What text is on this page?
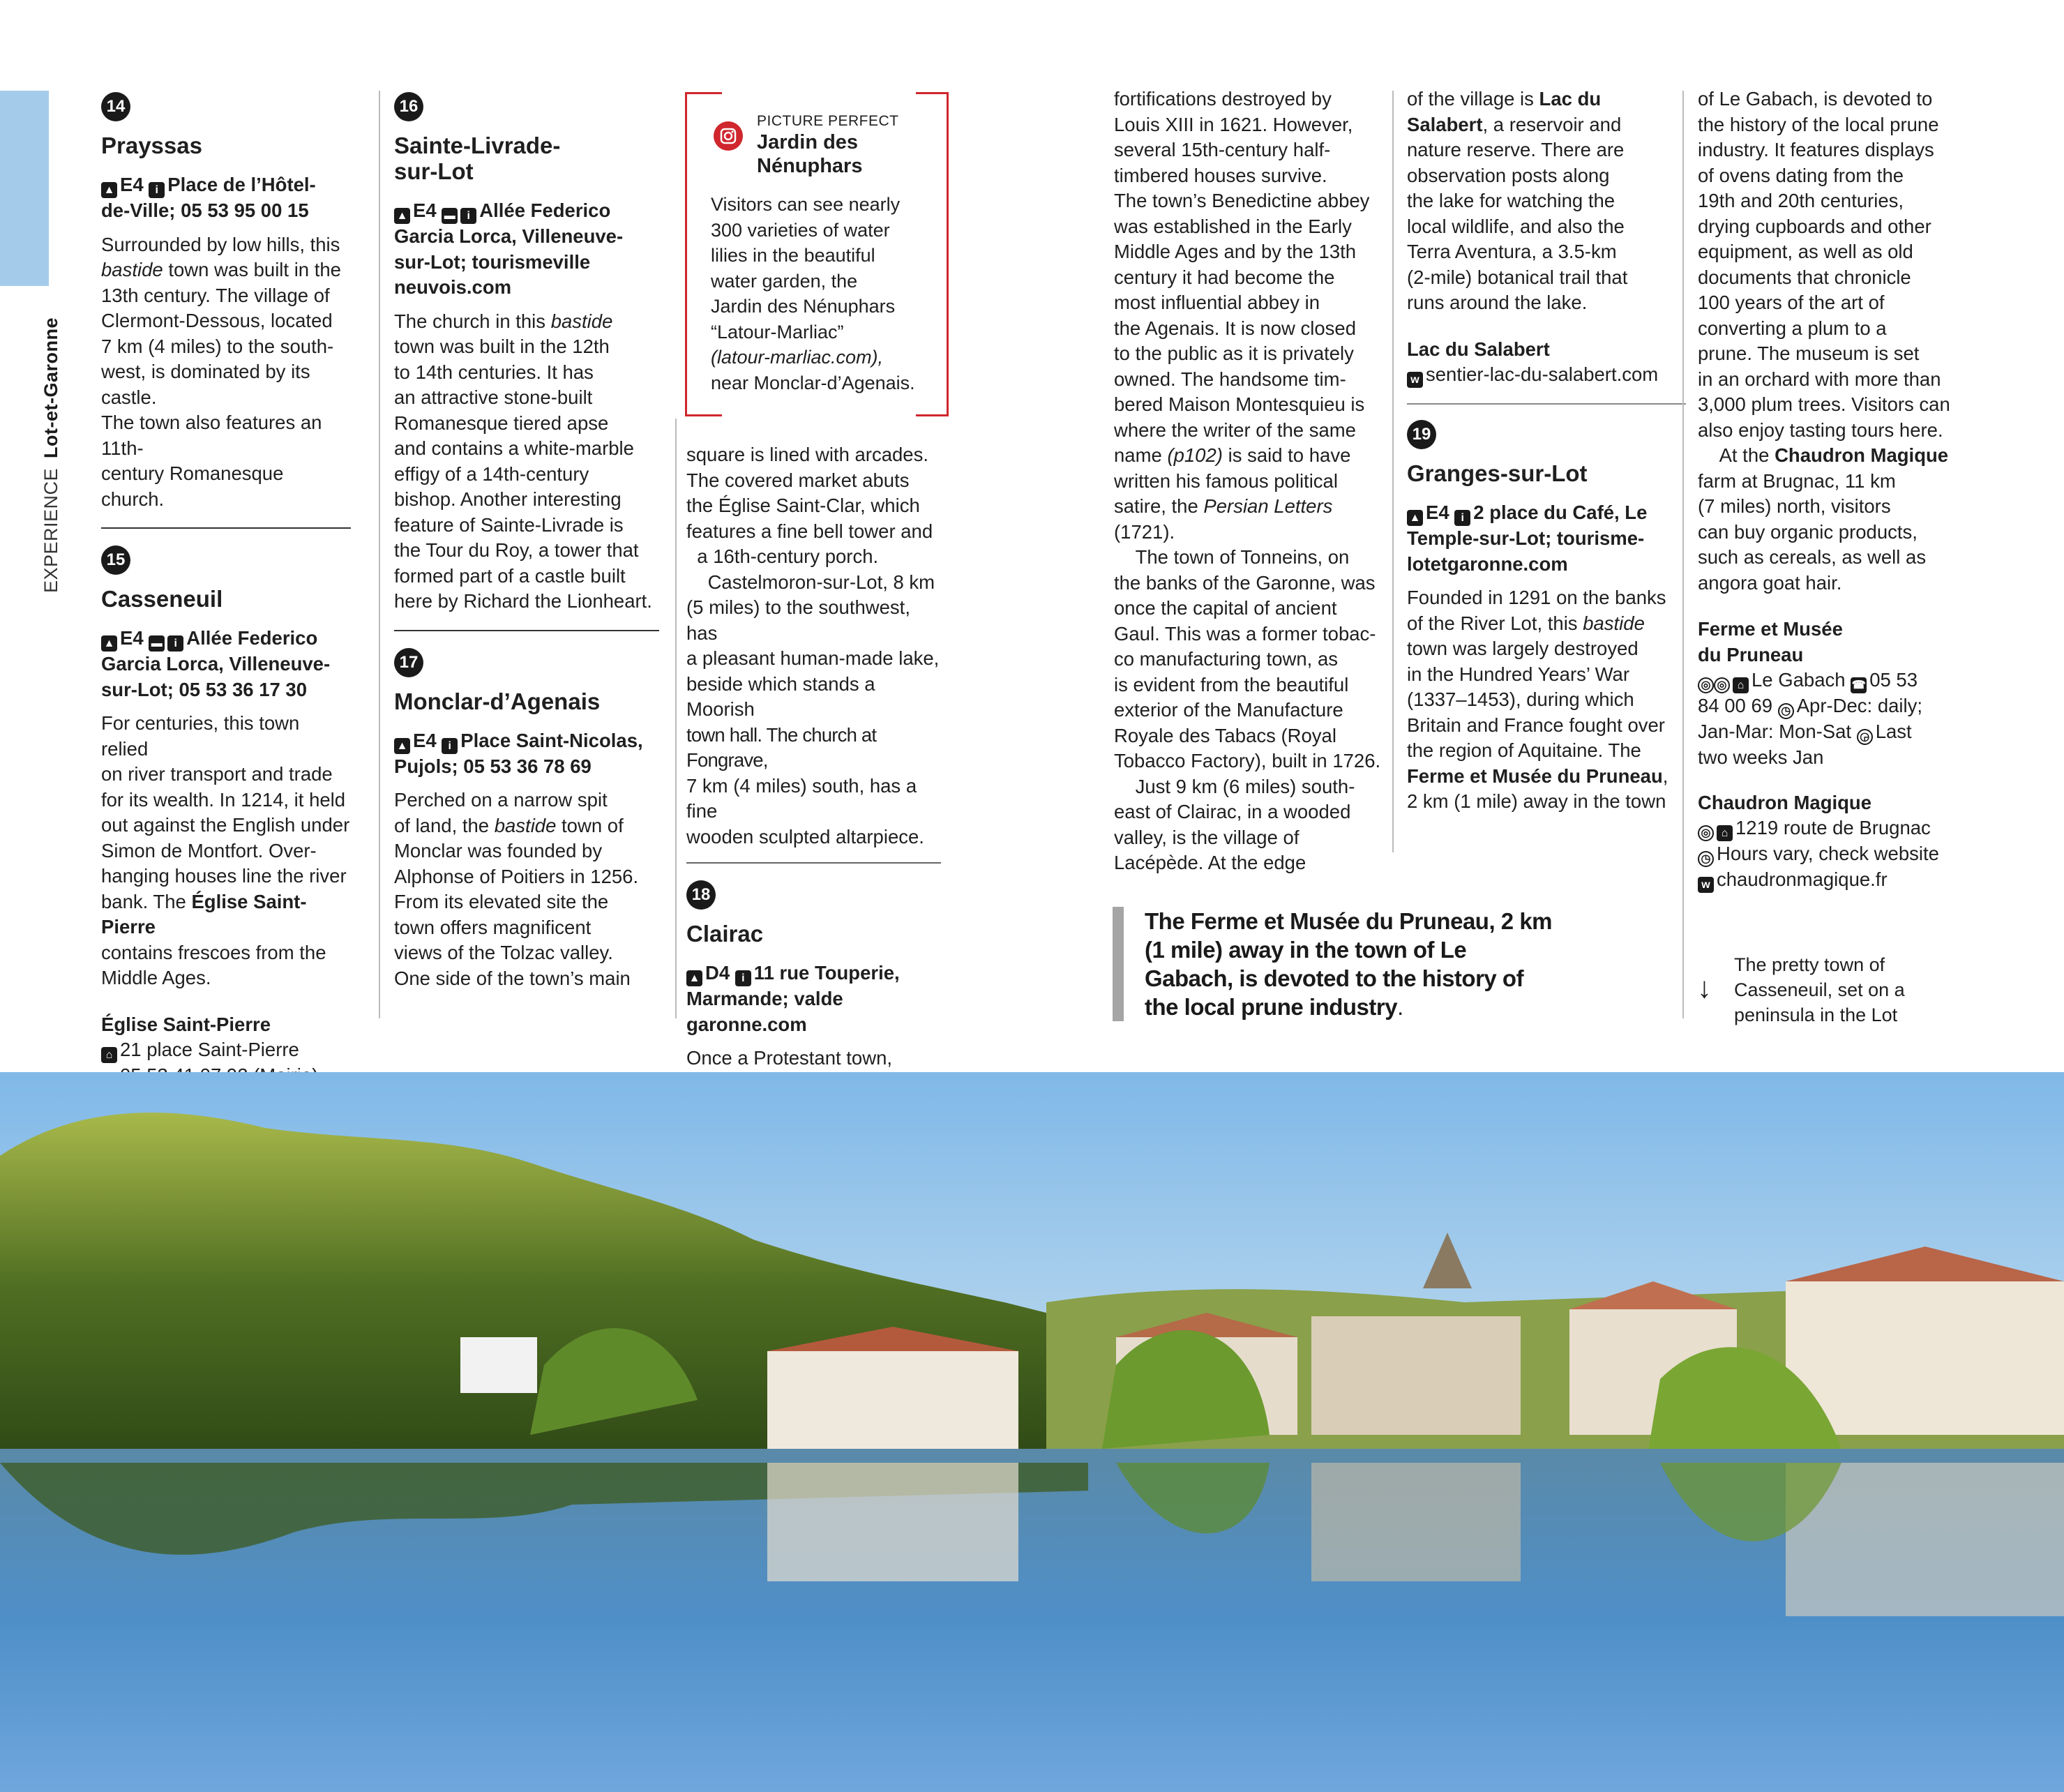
EXPERIENCELot-et-Garonne
14
Prayssas
▲ E4 i Place de l’Hôtel-
de-Ville; 05 53 95 00 15
Surrounded by low hills, this bastide town was built in the
13th century. The village of
Clermont-Dessous, located
7 km (4 miles) to the south-
west, is dominated by its castle.
The town also features an 11th-
century Romanesque church.
15
Casseneuil
▲ E4 ▬ i Allée Federico
Garcia Lorca, Villeneuve-
sur-Lot; 05 53 36 17 30
For centuries, this town relied
on river transport and trade
for its wealth. In 1214, it held
out against the English under
Simon de Montfort. Over-
hanging houses line the river
bank. The Église Saint-Pierre
contains frescoes from the
Middle Ages.
Église Saint-Pierre
⌂ 21 place Saint-Pierre

16
Sainte-Livrade-
sur-Lot
▲ E4 ▬ i Allée Federico
Garcia Lorca, Villeneuve-
sur-Lot; tourismeville
neuvois.com
The church in this bastide
town was built in the 12th
to 14th centuries. It has
an attractive stone-built
Romanesque tiered apse
and contains a white-marble
effigy of a 14th-century
bishop. Another interesting
feature of Sainte-Livrade is
the Tour du Roy, a tower that
formed part of a castle built
here by Richard the Lionheart.
17
Monclar-d’Agenais
▲ E4 i Place Saint-Nicolas,
Pujols; 05 53 36 78 69
Perched on a narrow spit
of land, the bastide town of
Monclar was founded by
Alphonse of Poitiers in 1256.
From its elevated site the
town offers magnificent
views of the Tolzac valley.
One side of the town’s main
PICTURE PERFECT
Jardin des
Nénuphars
Visitors can see nearly
300 varieties of water
lilies in the beautiful
water garden, the
Jardin des Nénuphars
“Latour-Marliac”
(latour-marliac.com),
near Monclar-d’Agenais.
square is lined with arcades.
The covered market abuts
the Église Saint-Clar, which
features a fine bell tower and
a 16th-century porch.
Castelmoron-sur-Lot, 8 km
(5 miles) to the southwest, has
a pleasant human-made lake,
beside which stands a Moorish
town hall. The church at Fongrave,
7 km (4 miles) south, has a fine
wooden sculpted altarpiece.
18
Clairac
▲ D4 i 11 rue Touperie,
Marmande; valde
garonne.com
Once a Protestant town,

fortifications destroyed by
Louis XIII in 1621. However,
several 15th-century half-
timbered houses survive.
The town’s Benedictine abbey
was established in the Early
Middle Ages and by the 13th
century it had become the
most influential abbey in
the Agenais. It is now closed
to the public as it is privately
owned. The handsome tim-
bered Maison Montesquieu is
where the writer of the same
name (p102) is said to have
written his famous political
satire, the Persian Letters (1721).
The town of Tonneins, on
the banks of the Garonne, was
once the capital of ancient
Gaul. This was a former tobac-
co manufacturing town, as
is evident from the beautiful
exterior of the Manufacture
Royale des Tabacs (Royal
Tobacco Factory), built in 1726.
Just 9 km (6 miles) south-
east of Clairac, in a wooded
valley, is the village of
Lacépède. At the edge
of the village is Lac du
Salabert, a reservoir and
nature reserve. There are
observation posts along
the lake for watching the
local wildlife, and also the
Terra Aventura, a 3.5-km
(2-mile) botanical trail that
runs around the lake.
Lac du Salabert
w sentier-lac-du-salabert.com
19
Granges-sur-Lot
▲ E4 i 2 place du Café, Le
Temple-sur-Lot; tourisme-
lotetgaronne.com
Founded in 1291 on the banks
of the River Lot, this bastide
town was largely destroyed
in the Hundred Years’ War
(1337–1453), during which
Britain and France fought over
the region of Aquitaine. The
Ferme et Musée du Pruneau,
2 km (1 mile) away in the town
of Le Gabach, is devoted to
the history of the local prune
industry. It features displays
of ovens dating from the
19th and 20th centuries,
drying cupboards and other
equipment, as well as old
documents that chronicle
100 years of the art of
converting a plum to a
prune. The museum is set
in an orchard with more than
3,000 plum trees. Visitors can
also enjoy tasting tours here.
At the Chaudron Magique
farm at Brugnac, 11 km
(7 miles) north, visitors
can buy organic products,
such as cereals, as well as
angora goat hair.
Ferme et Musée
du Pruneau
◎ ◎ ⌂ Le Gabach ☎ 05 53
84 00 69 ◷ Apr-Dec: daily;
Jan-Mar: Mon-Sat ◶ Last
two weeks Jan
Chaudron Magique
◎ ⌂ 1219 route de Brugnac
◷ Hours vary, check website
w chaudronmagique.fr
The Ferme et Musée du Pruneau, 2 km (1 mile) away in the town of Le Gabach, is devoted to the history of the local prune industry.
↓
The pretty town of
Casseneuil, set on a
peninsula in the Lot
